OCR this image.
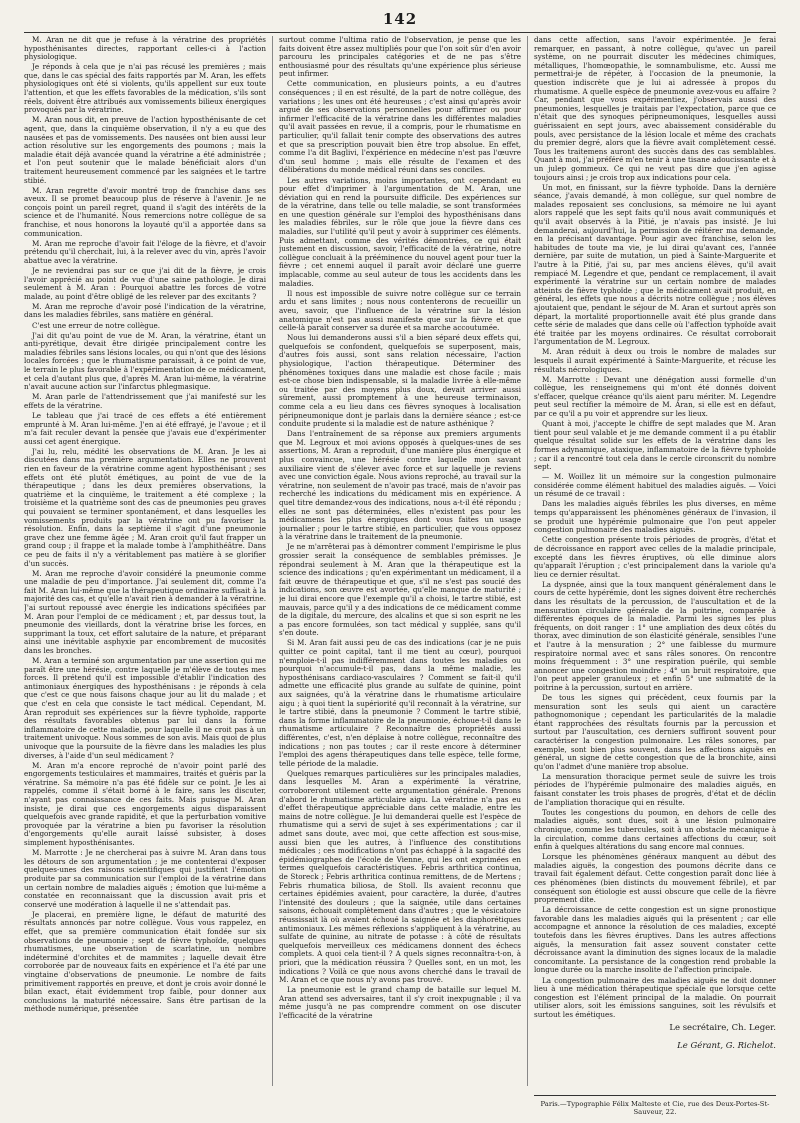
142

M. Aran ne dit que je refuse à la vératrine des propriétés hyposthénisantes directes, rapportant celles-ci à l'action physiologique.

Je réponds à cela que je n'ai pas récusé les premières ; mais que, dans le cas spécial des faits rapportés par M. Aran, les effets physiologiques ont été si violents, qu'ils appellent sur eux toute l'attention, et que les effets favorables de la médication, s'ils sont réels, doivent être attribués aux vomissements bilieux énergiques provoqués par la vératrine.

M. Aran nous dit, en preuve de l'action hyposthénisante de cet agent, que, dans la cinquième observation, il n'y a eu que des nausées et pas de vomissements. Des nausées ont bien aussi leur action résolutive sur les engorgements des poumons ; mais la maladie était déjà avancée quand la vératrine a été administrée ; et l'on peut soutenir que le malade bénéficiait alors d'un traitement heureusement commencé par les saignées et le tartre stibié.

M. Aran regrette d'avoir montré trop de franchise dans ses aveux. Il se promet beaucoup plus de réserve à l'avenir. Je ne conçois point un pareil regret, quand il s'agit des intérêts de la science et de l'humanité. Nous remercions notre collègue de sa franchise, et nous honorons la loyauté qu'il a apportée dans sa communication.

M. Aran me reproche d'avoir fait l'éloge de la fièvre, et d'avoir prétendu qu'il cherchait, lui, à la relever avec du vin, après l'avoir abattue avec la vératrine.

Je ne reviendrai pas sur ce que j'ai dit de la fièvre, je crois l'avoir apprécié au point de vue d'une saine pathologie. Je dirai seulement à M. Aran : Pourquoi abattre les forces de votre malade, au point d'être obligé de les relever par des excitants ?

M. Aran me reproche d'avoir posé l'indication de la vératrine, dans les maladies fébriles, sans matière en général.

C'est une erreur de notre collègue.

J'ai dit qu'au point de vue de M. Aran, la vératrine, étant un anti-pyrétique, devait être dirigée principalement contre les maladies fébriles sans lésions locales, ou qui n'ont que des lésions locales forcées ; que le rhumatisme paraissait, à ce point de vue, le terrain le plus favorable à l'expérimentation de ce médicament, et cela d'autant plus que, d'après M. Aran lui-même, la vératrine n'avait aucune action sur l'infarctus phlegmasique.

M. Aran parle de l'attendrissement que j'ai manifesté sur les effets de la vératrine.

Le tableau que j'ai tracé de ces effets a été entièrement emprunté à M. Aran lui-même. J'en ai été effrayé, je l'avoue ; et il m'a fait reculer devant la pensée que j'avais eue d'expérimenter aussi cet agent énergique.

J'ai lu, relu, médité les observations de M. Aran. Je les ai discutées dans ma première argumentation. Elles ne prouvent rien en faveur de la vératrine comme agent hyposthénisant ; ses effets ont été plutôt émétiques, au point de vue de la thérapeutique ; dans les deux premières observations, la quatrième et la cinquième, le traitement a été complexe ; la troisième et la quatrième sont des cas de pneumonies peu graves qui pouvaient se terminer spontanément, et dans lesquelles les vomissements produits par la vératrine ont pu favoriser la résolution. Enfin, dans la septième il s'agit d'une pneumonie grave chez une femme âgée ; M. Aran croit qu'il faut frapper un grand coup ; il frappe et la malade tombe à l'amphithéâtre. Dans ce peu de faits il n'y a véritablement pas matière à se glorifier d'un succès.

M. Aran me reproche d'avoir considéré la pneumonie comme une maladie de peu d'importance. J'ai seulement dit, comme l'a fait M. Aran lui-même que la thérapeutique ordinaire suffisait à la majorité des cas, et qu'elle n'avait rien à demander à la vératrine. J'ai surtout repoussé avec énergie les indications spécifiées par M. Aran pour l'emploi de ce médicament ; et, par dessus tout, la pneumonie des vieillards, dont la vératrine brise les forces, en supprimant la toux, cet effort salutaire de la nature, et préparant ainsi une inévitable asphyxie par encombrement de mucosités dans les bronches.

M. Aran a terminé son argumentation par une assertion qui me paraît être une hérésie, contre laquelle je m'élève de toutes mes forces. Il prétend qu'il est impossible d'établir l'indication des antimoniaux énergiques des hyposthénisans : je réponds à cela que c'est ce que nous faisons chaque jour au lit du malade ; et que c'est en cela que consiste le tact médical. Cependant, M. Aran reproduit ses expériences sur la fièvre typhoïde, rapporte des résultats favorables obtenus par lui dans la forme inflammatoire de cette maladie, pour laquelle il ne croit pas à un traitement univoque. Nous sommes de son avis. Mais quoi de plus univoque que la poursuite de la fièvre dans les maladies les plus diverses, à l'aide d'un seul médicament ?

M. Aran m'a encore reproché de n'avoir point parlé des engorgements testiculaires et mammaires, traités et guéris par la vératrine. Sa mémoire n'a pas été fidèle sur ce point. Je les ai rappelés, comme il s'était borné à le faire, sans les discuter, n'ayant pas connaissance de ces faits. Mais puisque M. Aran insiste, je dirai que ces engorgements aigus disparaissent quelquefois avec grande rapidité, et que la perturbation vomitive provoquée par la vératrine a bien pu favoriser la résolution d'engorgements qu'elle aurait laissé subsister, à doses simplement hyposthénisantes.

M. Marrotte : Je ne chercherai pas à suivre M. Aran dans tous les détours de son argumentation ; je me contenterai d'exposer quelques-unes des raisons scientifiques qui justifient l'émotion produite par sa communication sur l'emploi de la vératrine dans un certain nombre de maladies aiguës ; émotion que lui-même a constatée en reconnaissant que la discussion avait pris et conservé une modération à laquelle il ne s'attendait pas.

Je placerai, en première ligne, le défaut de maturité des résultats annoncés par notre collègue. Vous vous rappelez, en effet, que sa première communication était fondée sur six observations de pneumonie ; sept de fièvre typhoïde, quelques rhumatismes, une observation de scarlatine, un nombre indéterminé d'orchites et de mammites ; laquelle devait être corroborée par de nouveaux faits en expérience et l'a été par une vingtaine d'observations de pneumonie. Le nombre de faits primitivement rapportés en preuve, et dont je crois avoir donné le bilan exact, était évidemment trop faible, pour donner aux conclusions la maturité nécessaire. Sans être partisan de la méthode numérique, présentée

surtout comme l'ultima ratio de l'observation, je pense que les faits doivent être assez multipliés pour que l'on soit sûr d'en avoir parcouru les principales catégories et de ne pas s'être enthousiasmé pour des résultats qu'une expérience plus sérieuse peut infirmer.

Cette communication, en plusieurs points, a eu d'autres conséquences ; il en est résulté, de la part de notre collègue, des variations ; les unes ont été heureuses ; c'est ainsi qu'après avoir argué de ses observations personnelles pour affirmer ou pour infirmer l'efficacité de la vératrine dans les différentes maladies qu'il avait passées en revue, il a compris, pour le rhumatisme en particulier, qu'il fallait tenir compte des observations des autres et que sa prescription pouvait bien être trop absolue. En effet, comme l'a dit Baglivi, l'expérience en médecine n'est pas l'œuvre d'un seul homme ; mais elle résulte de l'examen et des délibérations du monde médical réuni dans ses conciles.

Les autres variations, moins importantes, ont cependant eu pour effet d'imprimer à l'argumentation de M. Aran, une déviation qui en rend la poursuite difficile. Des expériences sur de la vératrine, dans telle ou telle maladie, se sont transformées en une question générale sur l'emploi des hyposthénisans dans les maladies fébriles, sur le rôle que joue la fièvre dans ces maladies, sur l'utilité qu'il peut y avoir à supprimer ces éléments. Puis admettant, comme des vérités démontrées, ce qui était justement en discussion, savoir, l'efficacité de la vératrine, notre collègue concluait à la prééminence du nouvel agent pour tuer la fièvre ; cet ennemi auquel il paraît avoir déclaré une guerre implacable, comme au seul auteur de tous les accidents dans les maladies.

Il nous est impossible de suivre notre collègue sur ce terrain ardu et sans limites ; nous nous contenterons de recueillir un aveu, savoir, que l'influence de la vératrine sur la lésion anatomique n'est pas aussi manifeste que sur la fièvre et que celle-là paraît conserver sa durée et sa marche accoutumée.

Nous lui demanderons aussi s'il a bien séparé deux effets qui, quelquefois se confondent, quelquefois se superposent, mais, d'autres fois aussi, sont sans relation nécessaire, l'action physiologique, l'action thérapeutique. Déterminer des phénomènes toxiques dans une maladie est chose facile ; mais est-ce chose bien indispensable, si la maladie livrée à elle-même ou traitée par des moyens plus doux, devait arriver aussi sûrement, aussi promptement à une heureuse terminaison, comme cela a eu lieu dans ces fièvres synoques à localisation péripneumonique dont je parlais dans la dernière séance ; est-ce conduite prudente si la maladie est de nature asthénique ?

Dans l'entraînement de sa réponse aux premiers arguments que M. Legroux et moi avions opposés à quelques-unes de ses assertions, M. Aran a reproduit, d'une manière plus énergique et plus convaincue, une hérésie contre laquelle mon savant auxiliaire vient de s'élever avec force et sur laquelle je reviens avec une conviction égale. Nous avions reproché, au travail sur la vératrine, non seulement de n'avoir pas tracé, mais de n'avoir pas recherché les indications du médicament mis en expérience. A quel titre demandez-vous des indications, nous a-t-il été répondu ; elles ne sont pas déterminées, elles n'existent pas pour les médicamens les plus énergiques dont vous faites un usage journalier ; pour le tartre stibié, en particulier, que vous opposez à la vératrine dans le traitement de la pneumonie.

Je ne m'arrêterai pas à démontrer comment l'empirisme le plus grossier serait la conséquence de semblables prémisses. Je répondrai seulement à M. Aran que la thérapeutique est la science des indications ; qu'en expérimentant un médicament, il a fait œuvre de thérapeutique et que, s'il ne s'est pas soucié des indications, son œuvre est avortée, qu'elle manque de maturité ; je lui dirai encore que l'exemple qu'il a choisi, le tartre stibié, est mauvais, parce qu'il y a des indications de ce médicament comme de la digitale, du mercure, des alcalins et que si son esprit ne les a pas encore formulées, son tact médical y supplée, sans qu'il s'en doute.

Si M. Aran fait aussi peu de cas des indications (car je ne puis quitter ce point capital, tant il me tient au cœur), pourquoi n'emploie-t-il pas indifféremment dans toutes les maladies ou pourquoi n'accumule-t-il pas, dans la même maladie, les hyposthénisans cardiaco-vasculaires ? Comment se fait-il qu'il admette une efficacité plus grande au sulfate de quinine, point aux saignées, qu'à la vératrine dans le rhumatisme articulaire aigu ; à quoi tient la supériorité qu'il reconnaît à la vératrine, sur le tartre stibié, dans la pneumonie ? Comment le tartre stibié, dans la forme inflammatoire de la pneumonie, échoue-t-il dans le rhumatisme articulaire ? Reconnaître des propriétés aussi différentes, c'est, n'en déplaise à notre collègue, reconnaître des indications ; non pas toutes ; car il reste encore à déterminer l'emploi des agens thérapeutiques dans telle espèce, telle forme, telle période de la maladie.

Quelques remarques particulières sur les principales maladies, dans lesquelles M. Aran a expérimenté la vératrine, corroboreront utilement cette argumentation générale. Prenons d'abord le rhumatisme articulaire aigu. La vératrine n'a pas eu d'effet thérapeutique appréciable dans cette maladie, entre les mains de notre collègue. Je lui demanderai quelle est l'espèce de rhumatisme qui a servi de sujet à ses expérimentations ; car il admet sans doute, avec moi, que cette affection est sous-mise, aussi bien que les autres, à l'influence des constitutions médicales ; ces modifications n'ont pas échappé à la sagacité des épidémiographes de l'école de Vienne, qui les ont exprimées en termes quelquefois caractéristiques. Febris arthritica continua, de Storeck ; Febris arthritica continua remittens, de de Mertens ; Febris rhumatica biliosa, de Stoll. Ils avaient reconnu que certaines épidémies avaient, pour caractère, la durée, d'autres l'intensité des douleurs ; que la saignée, utile dans certaines saisons, échouait complètement dans d'autres ; que le vésicatoire réussissait là où avaient échoué la saignée et les diaphorétiques antimoniaux. Les mêmes réflexions s'appliquent à la vératrine, au sulfate de quinine, au nitrate de potasse : à côté de résultats quelquefois merveilleux ces médicamens donnent des échecs complets. A quoi cela tient-il ? A quels signes reconnaîtra-t-on, à priori, que la médication réussira ? Quelles sont, en un mot, les indications ? Voilà ce que nous avons cherché dans le travail de M. Aran et ce que nous n'y avons pas trouvé.

La pneumonie est le grand champ de bataille sur lequel M. Aran attend ses adversaires, tant il s'y croit inexpugnable ; il va même jusqu'à ne pas comprendre comment on ose discuter l'efficacité de la vératrine

dans cette affection, sans l'avoir expérimentée. Je ferai remarquer, en passant, à notre collègue, qu'avec un pareil système, on ne pourrait discuter les médecines chimiques, métalliques, l'homœopathie, le somnambulisme, etc. Aussi me permettrai-je de répéter, à l'occasion de la pneumonie, la question indiscrète que je lui ai adressée à propos du rhumatisme. A quelle espèce de pneumonie avez-vous eu affaire ? Car, pendant que vous expérimentiez, j'observais aussi des pneumonies, lesquelles je traitais par l'expectation, parce que ce n'était que des synoques péripneumoniques, lesquelles aussi guérissaient en sept jours, avec abaissement considérable du pouls, avec persistance de la lésion locale et même des crachats du premier degré, alors que la fièvre avait complètement cessé. Tous les traitemens auront des succès dans des cas semblables. Quant à moi, j'ai préféré m'en tenir à une tisane adoucissante et à un julep gommeux. Ce qui ne veut pas dire que j'en agisse toujours ainsi ; je crois trop aux indications pour cela.

Un mot, en finissant, sur la fièvre typhoïde. Dans la dernière séance, j'avais demandé, à mon collègue, sur quel nombre de malades reposaient ses conclusions, sa mémoire ne lui ayant alors rappelé que les sept faits qu'il nous avait communiqués et qu'il avait observés à la Pitié, je n'avais pas insisté. Je lui demanderai, aujourd'hui, la permission de réitérer ma demande, en la précisant davantage. Pour agir avec franchise, selon les habitudes de toute ma vie, je lui dirai qu'avant ces, l'année dernière, par suite de mutation, un pied à Sainte-Marguerite et l'autre à la Pitié, j'ai su, par mes anciens élèves, qu'il avait rempiacé M. Legendre et que, pendant ce remplacement, il avait expérimenté la vératrine sur un certain nombre de malades atteints de fièvre typhoïde ; que le médicament avait produit, en général, les effets que nous a décrits notre collègue ; nos élèves ajoutaient que, pendant le séjour de M. Aran et surtout après son départ, la mortalité proportionnelle avait été plus grande dans cette série de malades que dans celle où l'affection typhoïde avait été traitée par les moyens ordinaires. Ce résultat corroborait l'argumentation de M. Legroux.

M. Aran réduit à deux ou trois le nombre de malades sur lesquels il aurait expérimenté à Sainte-Marguerite, et récuse les résultats nécrologiques.

M. Marrotte : Devant une dénégation aussi formelle d'un collègue, les renseignemens qui m'ont été donnés doivent s'effacer, quelque créance qu'ils aient paru mériter. M. Legendre peut seul rectifier la mémoire de M. Aran, si elle est en défaut, par ce qu'il a pu voir et apprendre sur les lieux.

Quant à moi, j'accepte le chiffre de sept malades que M. Aran tient pour seul valable et je me demande comment il a pu établir quelque résultat solide sur les effets de la vératrine dans les formes adynamique, ataxique, inflammatoire de la fièvre typhoïde ; car il a rencontré tout cela dans le cercle circonscrit du nombre sept.

— M. Woillez lit un mémoire sur la congestion pulmonaire considérée comme élément habituel des maladies aiguës. — Voici un résumé de ce travail :

Dans les maladies aiguës fébriles les plus diverses, en même temps qu'apparaissent les phénomènes généraux de l'invasion, il se produit une hypérémie pulmonaire que l'on peut appeler congestion pulmonaire des maladies aiguës.

Cette congestion présente trois périodes de progrès, d'état et de décroissance en rapport avec celles de la maladie principale, excepté dans les fièvres éruptives, où elle diminue alors qu'apparaît l'éruption ; c'est principalement dans la variole qu'a lieu ce dernier résultat.

La dyspnée, ainsi que la toux manquent généralement dans le cours de cette hypérémie, dont les signes doivent être recherchés dans les résultats de la percussion, de l'auscultation et de la mensuration circulaire générale de la poitrine, comparée à différentes époques de la maladie. Parmi les signes les plus fréquents, on doit ranger : 1° une ampliation des deux côtés du thorax, avec diminution de son élasticité générale, sensibles l'une et l'autre à la mensuration ; 2° une faiblesse du murmure respiratoire normal avec et sans râles sonores. On rencontre moins fréquemment : 3° une respiration puérile, qui semble annoncer une congestion moindre ; 4° un bruit respiratoire, que l'on peut appeler granuleux ; et enfin 5° une submatité de la poitrine à la percussion, surtout en arrière.

De tous les signes qui précèdent, ceux fournis par la mensuration sont les seuls qui aient un caractère pathognomonique ; cependant les particularités de la maladie étant rapprochées des résultats fournis par la percussion et surtout par l'auscultation, ces derniers suffiront souvent pour caractériser la congestion pulmonaire. Les râles sonores, par exemple, sont bien plus souvent, dans les affections aiguës en général, un signe de cette congestion que de la bronchite, ainsi qu'on l'admet d'une manière trop absolue.

La mensuration thoracique permet seule de suivre les trois périodes de l'hypérémie pulmonaire des maladies aiguës, en faisant constater les trois phases de progrès, d'état et de déclin de l'ampliation thoracique qui en résulte.

Toutes les congestions du poumon, en dehors de celle des maladies aiguës, sont dues, soit à une lésion pulmonaire chronique, comme les tubercules, soit à un obstacle mécanique à la circulation, comme dans certaines affections du cœur, soit enfin à quelques altérations du sang encore mal connues.

Lorsque les phénomènes généraux manquent au début des maladies aiguës, la congestion des poumons décrite dans ce travail fait également défaut. Cette congestion paraît donc liée à ces phénomènes (bien distincts du mouvement fébrile), et par conséquent son étiologie est aussi obscure que celle de la fièvre proprement dite.

La décroissance de cette congestion est un signe pronostique favorable dans les maladies aiguës qui la présentent ; car elle accompagne et annonce la résolution de ces maladies, excepté toutefois dans les fièvres éruptives. Dans les autres affections aiguës, la mensuration fait assez souvent constater cette décroissance avant la diminution des signes locaux de la maladie concomitante. La persistance de la congestion rend probable la longue durée ou la marche insolite de l'affection principale.

La congestion pulmonaire des maladies aiguës ne doit donner lieu à une médication thérapeutique spéciale que lorsque cette congestion est l'élément principal de la maladie. On pourrait utiliser alors, soit les émissions sanguines, soit les révulsifs et surtout les émétiques.

Le secrétaire, Ch. Leger.
Le Gérant, G. Richelot.
Paris.—Typographie Félix Malteste et Cie, rue des Deux-Portes-St-Sauveur, 22.
